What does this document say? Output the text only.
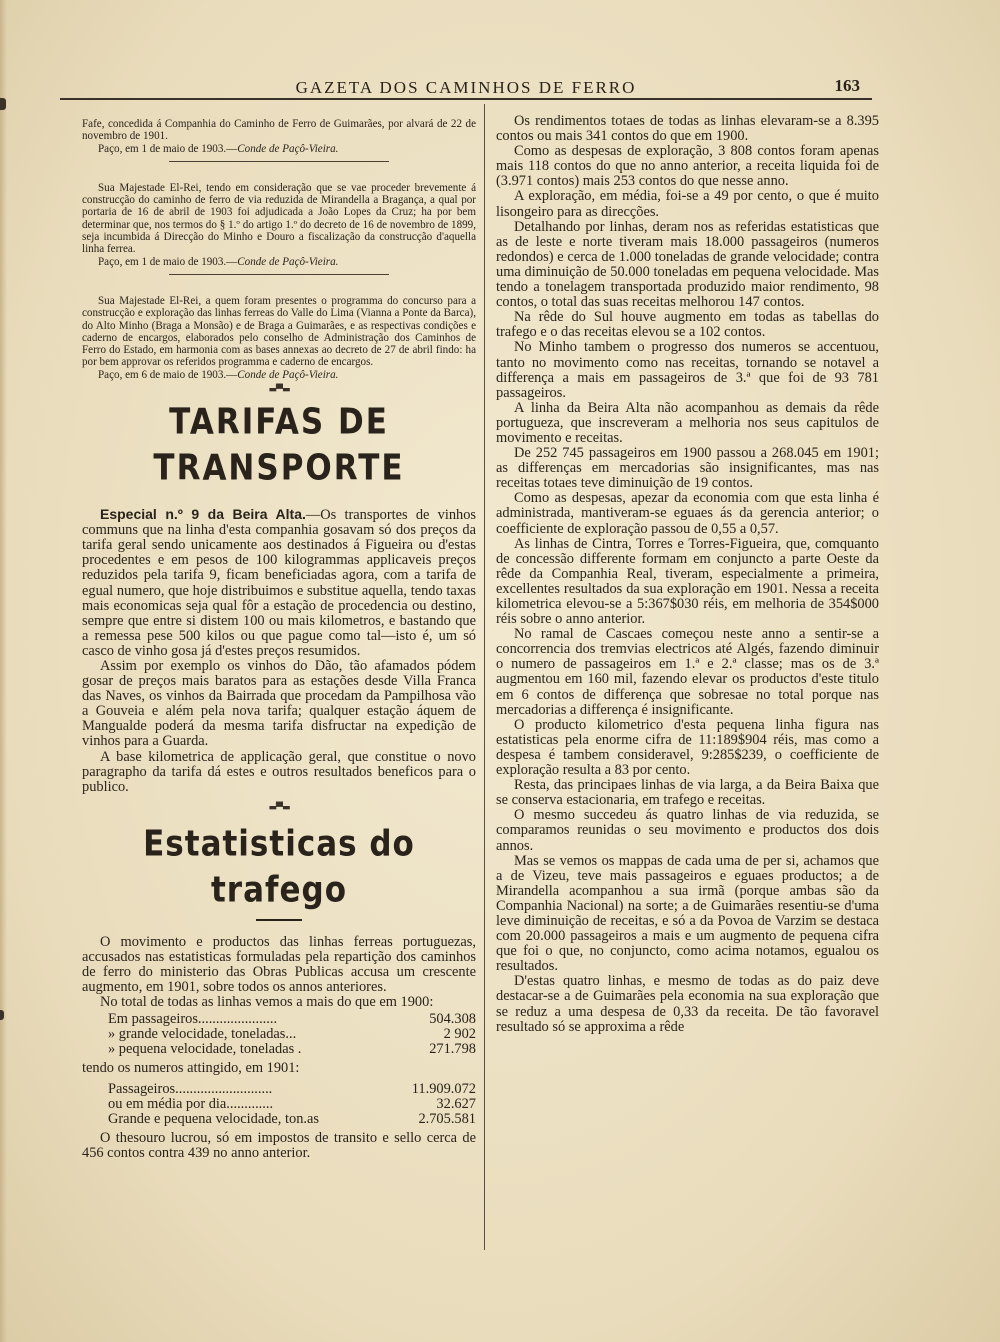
GAZETA DOS CAMINHOS DE FERRO	163

Fafe, concedida á Companhia do Caminho de Ferro de Guimarães, por alvará de 22 de novembro de 1901.

Paço, em 1 de maio de 1903.—Conde de Paçô-Vieira.

Sua Majestade El-Rei, tendo em consideração que se vae proceder brevemente á construcção do caminho de ferro de via reduzida de Mirandella a Bragança, a qual por portaria de 16 de abril de 1903 foi adjudicada a João Lopes da Cruz; ha por bem determinar que, nos termos do § 1.º do artigo 1.º do decreto de 16 de novembro de 1899, seja incumbida á Direcção do Minho e Douro a fiscalização da construcção d'aquella linha ferrea.

Paço, em 1 de maio de 1903.—Conde de Paçô-Vieira.

Sua Majestade El-Rei, a quem foram presentes o programma do concurso para a construcção e exploração das linhas ferreas do Valle do Lima (Vianna a Ponte da Barca), do Alto Minho (Braga a Monsão) e de Braga a Guimarães, e as respectivas condições e caderno de encargos, elaborados pelo conselho de Administração dos Caminhos de Ferro do Estado, em harmonia com as bases annexas ao decreto de 27 de abril findo: ha por bem approvar os referidos programma e caderno de encargos.

Paço, em 6 de maio de 1903.—Conde de Paçô-Vieira.

▬▀▬
TARIFAS DE TRANSPORTE

Especial n.º 9 da Beira Alta.—Os transportes de vinhos communs que na linha d'esta companhia gosavam só dos preços da tarifa geral sendo unicamente aos destinados á Figueira ou d'estas procedentes e em pesos de 100 kilogrammas applicaveis preços reduzidos pela tarifa 9, ficam beneficiadas agora, com a tarifa de egual numero, que hoje distribuimos e substitue aquella, tendo taxas mais economicas seja qual fôr a estação de procedencia ou destino, sempre que entre si distem 100 ou mais kilometros, e bastando que a remessa pese 500 kilos ou que pague como tal—isto é, um só casco de vinho gosa já d'estes preços resumidos.

Assim por exemplo os vinhos do Dão, tão afamados pódem gosar de preços mais baratos para as estações desde Villa Franca das Naves, os vinhos da Bairrada que procedam da Pampilhosa vão a Gouveia e além pela nova tarifa; qualquer estação áquem de Mangualde poderá da mesma tarifa disfructar na expedição de vinhos para a Guarda.

A base kilometrica de applicação geral, que constitue o novo paragrapho da tarifa dá estes e outros resultados beneficos para o publico.

▬▀▬
Estatisticas do trafego

O movimento e productos das linhas ferreas portuguezas, accusados nas estatisticas formuladas pela repartição dos caminhos de ferro do ministerio das Obras Publicas accusa um crescente augmento, em 1901, sobre todos os annos anteriores.

No total de todas as linhas vemos a mais do que em 1900:

Em passageiros......................	504.308
» grande velocidade, toneladas...	2 902
» pequena velocidade, toneladas .	271.798

tendo os numeros attingido, em 1901:

Passageiros...........................	11.909.072
ou em média por dia.............	32.627
Grande e pequena velocidade, ton.as	2.705.581

O thesouro lucrou, só em impostos de transito e sello cerca de 456 contos contra 439 no anno anterior.

Os rendimentos totaes de todas as linhas elevaram-se a 8.395 contos ou mais 341 contos do que em 1900.

Como as despesas de exploração, 3 808 contos foram apenas mais 118 contos do que no anno anterior, a receita liquida foi de (3.971 contos) mais 253 contos do que nesse anno.

A exploração, em média, foi-se a 49 por cento, o que é muito lisongeiro para as direcções.

Detalhando por linhas, deram nos as referidas estatisticas que as de leste e norte tiveram mais 18.000 passageiros (numeros redondos) e cerca de 1.000 toneladas de grande velocidade; contra uma diminuição de 50.000 toneladas em pequena velocidade. Mas tendo a tonelagem transportada produzido maior rendimento, 98 contos, o total das suas receitas melhorou 147 contos.

Na rêde do Sul houve augmento em todas as tabellas do trafego e o das receitas elevou se a 102 contos.

No Minho tambem o progresso dos numeros se accentuou, tanto no movimento como nas receitas, tornando se notavel a differença a mais em passageiros de 3.ª que foi de 93 781 passageiros.

A linha da Beira Alta não acompanhou as demais da rêde portugueza, que inscreveram a melhoria nos seus capitulos de movimento e receitas.

De 252 745 passageiros em 1900 passou a 268.045 em 1901; as differenças em mercadorias são insignificantes, mas nas receitas totaes teve diminuição de 19 contos.

Como as despesas, apezar da economia com que esta linha é administrada, mantiveram-se eguaes ás da gerencia anterior; o coefficiente de exploração passou de 0,55 a 0,57.

As linhas de Cintra, Torres e Torres-Figueira, que, comquanto de concessão differente formam em conjuncto a parte Oeste da rêde da Companhia Real, tiveram, especialmente a primeira, excellentes resultados da sua exploração em 1901. Nessa a receita kilometrica elevou-se a 5:367$030 réis, em melhoria de 354$000 réis sobre o anno anterior.

No ramal de Cascaes começou neste anno a sentir-se a concorrencia dos tremvias electricos até Algés, fazendo diminuir o numero de passageiros em 1.ª e 2.ª classe; mas os de 3.ª augmentou em 160 mil, fazendo elevar os productos d'este titulo em 6 contos de differença que sobresae no total porque nas mercadorias a differença é insignificante.

O producto kilometrico d'esta pequena linha figura nas estatisticas pela enorme cifra de 11:189$904 réis, mas como a despesa é tambem consideravel, 9:285$239, o coefficiente de exploração resulta a 83 por cento.

Resta, das principaes linhas de via larga, a da Beira Baixa que se conserva estacionaria, em trafego e receitas.

O mesmo succedeu ás quatro linhas de via reduzida, se comparamos reunidas o seu movimento e productos dos dois annos.

Mas se vemos os mappas de cada uma de per si, achamos que a de Vizeu, teve mais passageiros e eguaes productos; a de Mirandella acompanhou a sua irmã (porque ambas são da Companhia Nacional) na sorte; a de Guimarães resentiu-se d'uma leve diminuição de receitas, e só a da Povoa de Varzim se destaca com 20.000 passageiros a mais e um augmento de pequena cifra que foi o que, no conjuncto, como acima notamos, egualou os resultados.

D'estas quatro linhas, e mesmo de todas as do paiz deve destacar-se a de Guimarães pela economia na sua exploração que se reduz a uma despesa de 0,33 da receita. De tão favoravel resultado só se approxima a rêde
